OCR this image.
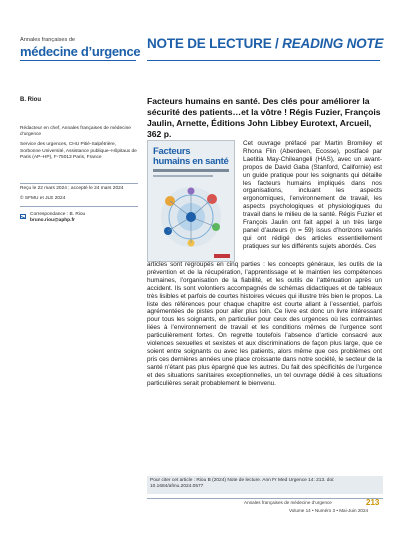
Annales françaises de
médecine d’urgence
NOTE DE LECTURE / READING NOTE
B. Riou

Rédacteur en chef, Annales françaises de médecine d’urgence

Service des urgences, CHU Pitié-Salpêtrière, Sorbonne Université, Assistance publique–Hôpitaux de Paris (AP–HP), F-75013 Paris, France

Reçu le 22 mars 2024 ; accepté le 24 mars 2024
© SFMU et JLE 2024
Correspondance : B. Riou
bruno.riou@aphp.fr
Facteurs humains en santé. Des clés pour améliorer la sécurité des patients…et la vôtre ! Régis Fuzier, François Jaulin, Arnette, Éditions John Libbey Eurotext, Arcueil, 362 p.
Facteurs
humains en santé
Cet ouvrage préfacé par Martin Bromiley et Rhona Flin (Aberdeen, Ecosse), postfacé par Laetitia May-Chileangeli (HAS), avec un avant-propos de David Gaba (Stanford, Californie) est un guide pratique pour les soignants qui détaille les facteurs humains impliqués dans nos organisations, incluant les aspects ergonomiques, l’environnement de travail, les aspects psychologiques et physiologiques du travail dans le milieu de la santé. Régis Fuzier et François Jaulin ont fait appel à un très large panel d’auteurs (n = 59) issus d’horizons variés qui ont rédigé des articles essentiellement pratiques sur les différents sujets abordés. Ces
articles sont regroupés en cinq parties : les concepts généraux, les outils de la prévention et de la récupération, l’apprentissage et le maintien les compétences humaines, l’organisation de la fiabilité, et les outils de l’atténuation après un accident. Ils sont volontiers accompagnés de schémas didactiques et de tableaux très lisibles et parfois de courtes histoires vécues qui illustre très bien le propos. La liste des références pour chaque chapitre est courte allant à l’essentiel, parfois agrémentées de pistes pour aller plus loin. Ce livre est donc un livre intéressant pour tous les soignants, en particulier pour ceux des urgences où les contraintes liées à l’environnement de travail et les conditions mêmes de l’urgence sont particulièrement fortes. On regrette toutefois l’absence d’article consacré aux violences sexuelles et sexistes et aux discriminations de façon plus large, que ce soient entre soignants ou avec les patients, alors même que ces problèmes ont pris ces dernières années une place croissante dans notre société, le secteur de la santé n’étant pas plus épargné que les autres. Du fait des spécificités de l’urgence et des situations sanitaires exceptionnelles, un tel ouvrage dédié à ces situations particulières serait probablement le bienvenu.
Pour citer cet article : Riou B (2024) Note de lecture. Ann Fr Med Urgence 14: 213. doi: 10.1684/afmu.2024.0577
Annales françaises de médecine d’urgence	213
Volume 14 • Numéro 3 • Mai-Juin 2024
